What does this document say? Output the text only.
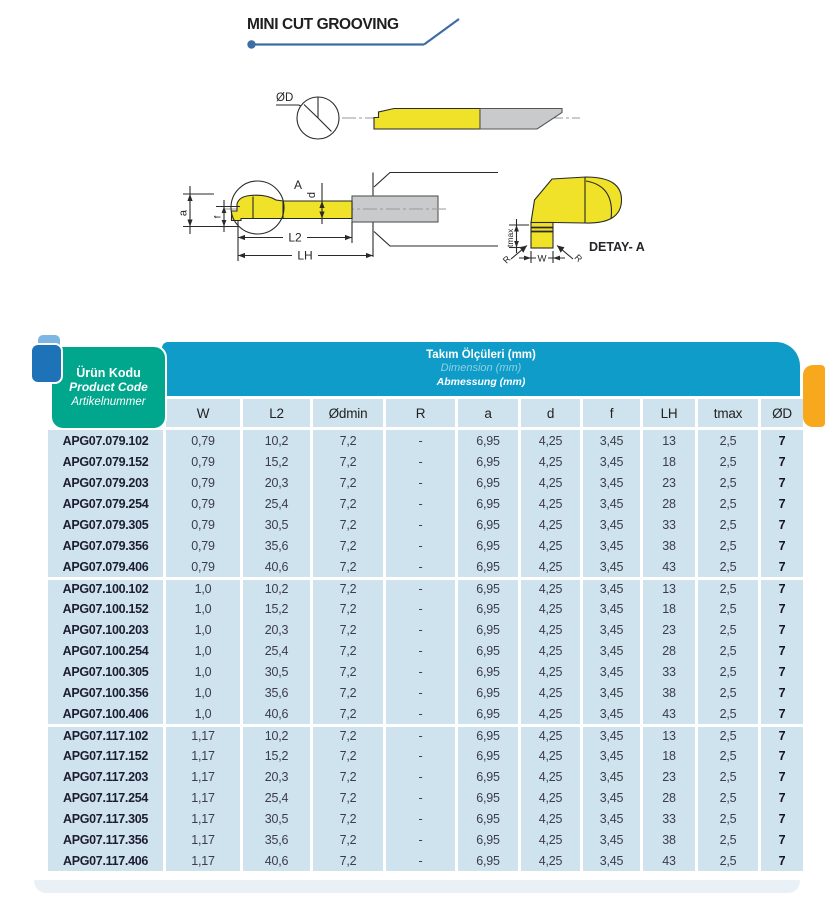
MINI CUT GROOVING
ØD
A
a
f
d
L2
LH
tmax
W
R	R
DETAY- A
Takım Ölçüleri (mm)
Dimension (mm)
Abmessung (mm)
Ürün Kodu
Product Code
Artikelnummer
	W	L2	Ødmin	R	a	d	f	LH	tmax	ØD
APG07.079.102	0,79	10,2	7,2	-	6,95	4,25	3,45	13	2,5	7
APG07.079.152	0,79	15,2	7,2	-	6,95	4,25	3,45	18	2,5	7
APG07.079.203	0,79	20,3	7,2	-	6,95	4,25	3,45	23	2,5	7
APG07.079.254	0,79	25,4	7,2	-	6,95	4,25	3,45	28	2,5	7
APG07.079.305	0,79	30,5	7,2	-	6,95	4,25	3,45	33	2,5	7
APG07.079.356	0,79	35,6	7,2	-	6,95	4,25	3,45	38	2,5	7
APG07.079.406	0,79	40,6	7,2	-	6,95	4,25	3,45	43	2,5	7
APG07.100.102	1,0	10,2	7,2	-	6,95	4,25	3,45	13	2,5	7
APG07.100.152	1,0	15,2	7,2	-	6,95	4,25	3,45	18	2,5	7
APG07.100.203	1,0	20,3	7,2	-	6,95	4,25	3,45	23	2,5	7
APG07.100.254	1,0	25,4	7,2	-	6,95	4,25	3,45	28	2,5	7
APG07.100.305	1,0	30,5	7,2	-	6,95	4,25	3,45	33	2,5	7
APG07.100.356	1,0	35,6	7,2	-	6,95	4,25	3,45	38	2,5	7
APG07.100.406	1,0	40,6	7,2	-	6,95	4,25	3,45	43	2,5	7
APG07.117.102	1,17	10,2	7,2	-	6,95	4,25	3,45	13	2,5	7
APG07.117.152	1,17	15,2	7,2	-	6,95	4,25	3,45	18	2,5	7
APG07.117.203	1,17	20,3	7,2	-	6,95	4,25	3,45	23	2,5	7
APG07.117.254	1,17	25,4	7,2	-	6,95	4,25	3,45	28	2,5	7
APG07.117.305	1,17	30,5	7,2	-	6,95	4,25	3,45	33	2,5	7
APG07.117.356	1,17	35,6	7,2	-	6,95	4,25	3,45	38	2,5	7
APG07.117.406	1,17	40,6	7,2	-	6,95	4,25	3,45	43	2,5	7
